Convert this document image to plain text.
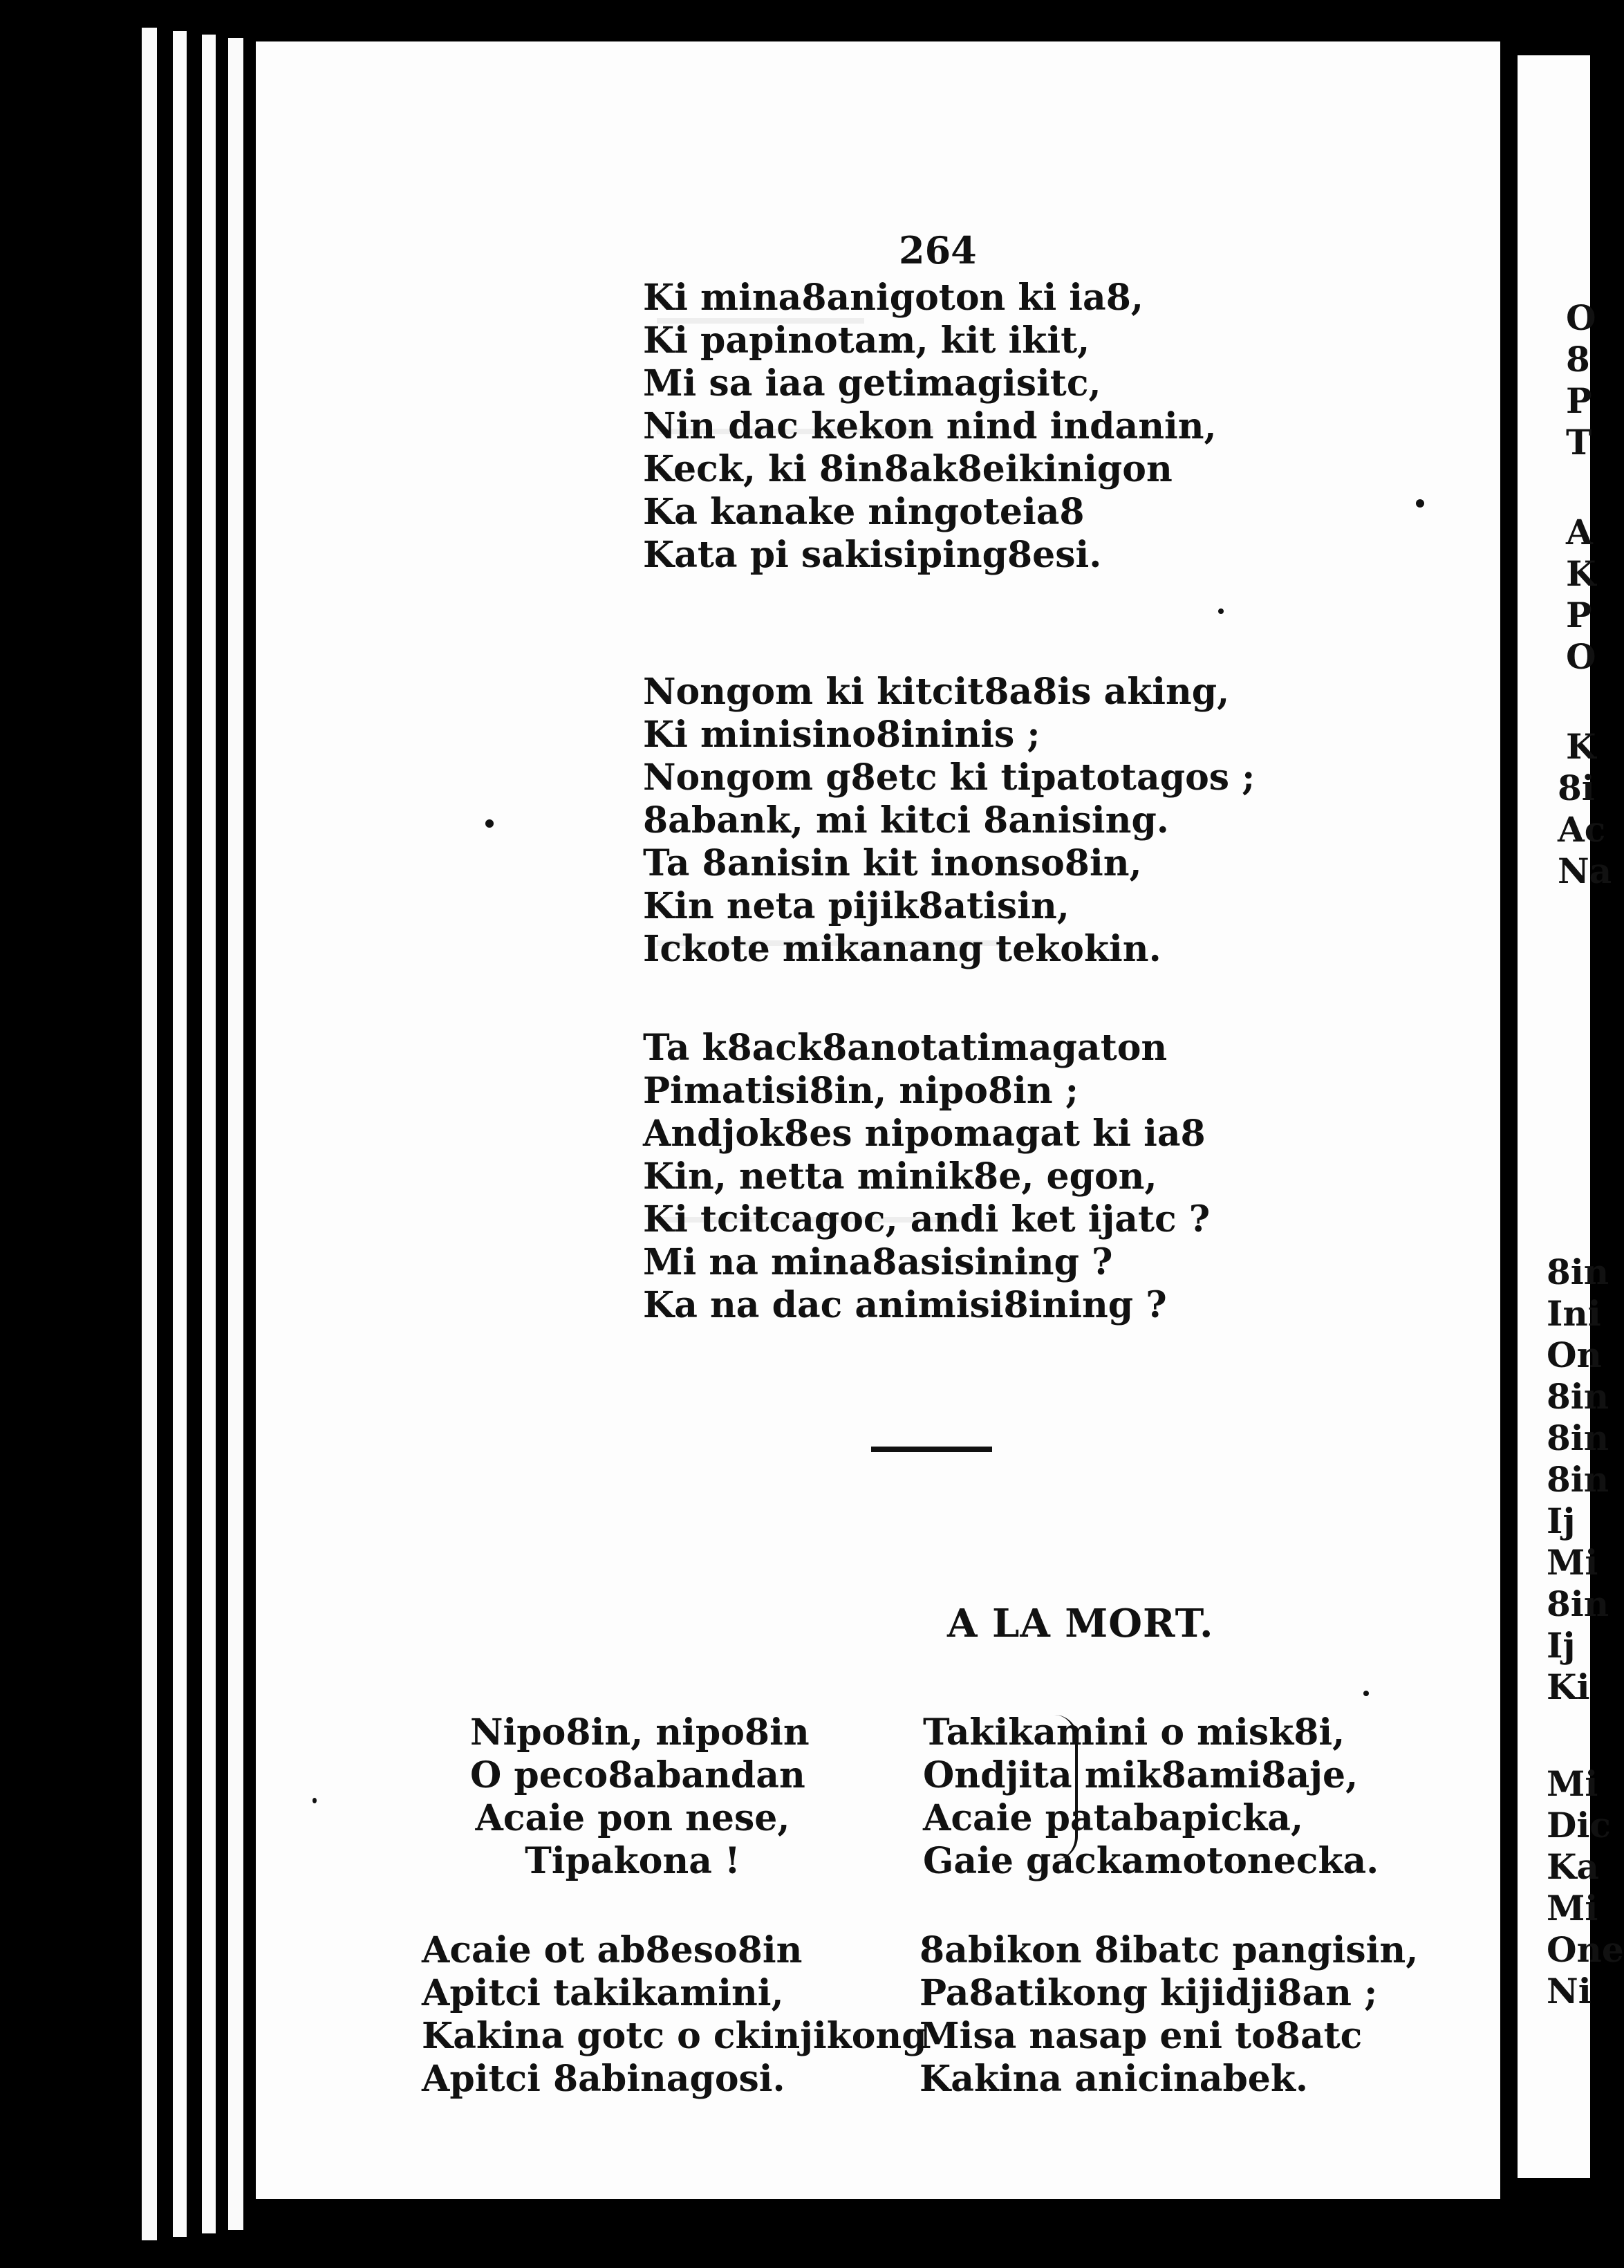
264
Ki mina8anigoton ki ia8,
Ki papinotam, kit ikit,
Mi sa iaa getimagisitc,
Nin dac kekon nind indanin,
Keck, ki 8in8ak8eikinigon
Ka kanake ningoteia8
Kata pi sakisiping8esi.
Nongom ki kitcit8a8is aking,
Ki minisino8ininis ;
Nongom g8etc ki tipatotagos ;
8abank, mi kitci 8anising.
Ta 8anisin kit inonso8in,
Kin neta pijik8atisin,
Ickote mikanang tekokin.
Ta k8ack8anotatimagaton
Pimatisi8in, nipo8in ;
Andjok8es nipomagat ki ia8
Kin, netta minik8e, egon,
Ki tcitcagoc, andi ket ijatc ?
Mi na mina8asisining ?
Ka na dac animisi8ining ?
A LA MORT.
Nipo8in, nipo8in
O peco8abandan
Acaie pon nese,
Tipakona !
Takikamini o misk8i,
Ondjita mik8ami8aje,
Acaie patabapicka,
Gaie gackamotonecka.
Acaie ot ab8eso8in
Apitci takikamini,
Kakina gotc o ckinjikong
Apitci 8abinagosi.
8abikon 8ibatc pangisin,
Pa8atikong kijidji8an ;
Misa nasap eni to8atc
Kakina anicinabek.
O
8
P
T
A
K
P
O
K
8i
Ac
Na
8in
Ini
On
8in
8in
8in
Ij
Mi
8in
Ij
Ki
Mi
Dic
Ka
Mi
One
Ni
